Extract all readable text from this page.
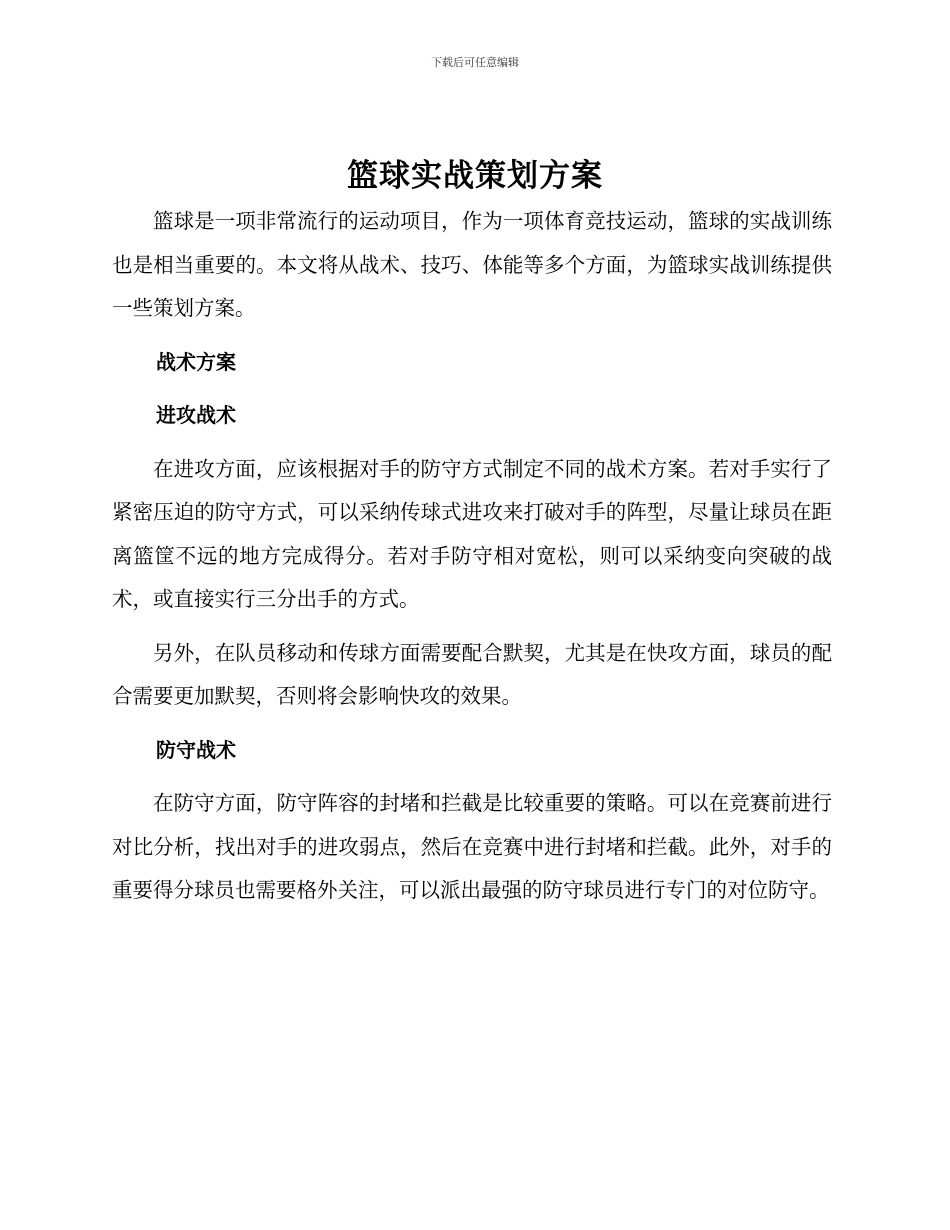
下载后可任意编辑
篮球实战策划方案

篮球是一项非常流行的运动项目，作为一项体育竞技运动，篮球的实战训练也是相当重要的。本文将从战术、技巧、体能等多个方面，为篮球实战训练提供一些策划方案。

战术方案
进攻战术

在进攻方面，应该根据对手的防守方式制定不同的战术方案。若对手实行了紧密压迫的防守方式，可以采纳传球式进攻来打破对手的阵型，尽量让球员在距离篮筐不远的地方完成得分。若对手防守相对宽松，则可以采纳变向突破的战术，或直接实行三分出手的方式。

另外，在队员移动和传球方面需要配合默契，尤其是在快攻方面，球员的配合需要更加默契，否则将会影响快攻的效果。

防守战术

在防守方面，防守阵容的封堵和拦截是比较重要的策略。可以在竞赛前进行对比分析，找出对手的进攻弱点，然后在竞赛中进行封堵和拦截。此外，对手的重要得分球员也需要格外关注，可以派出最强的防守球员进行专门的对位防守。
